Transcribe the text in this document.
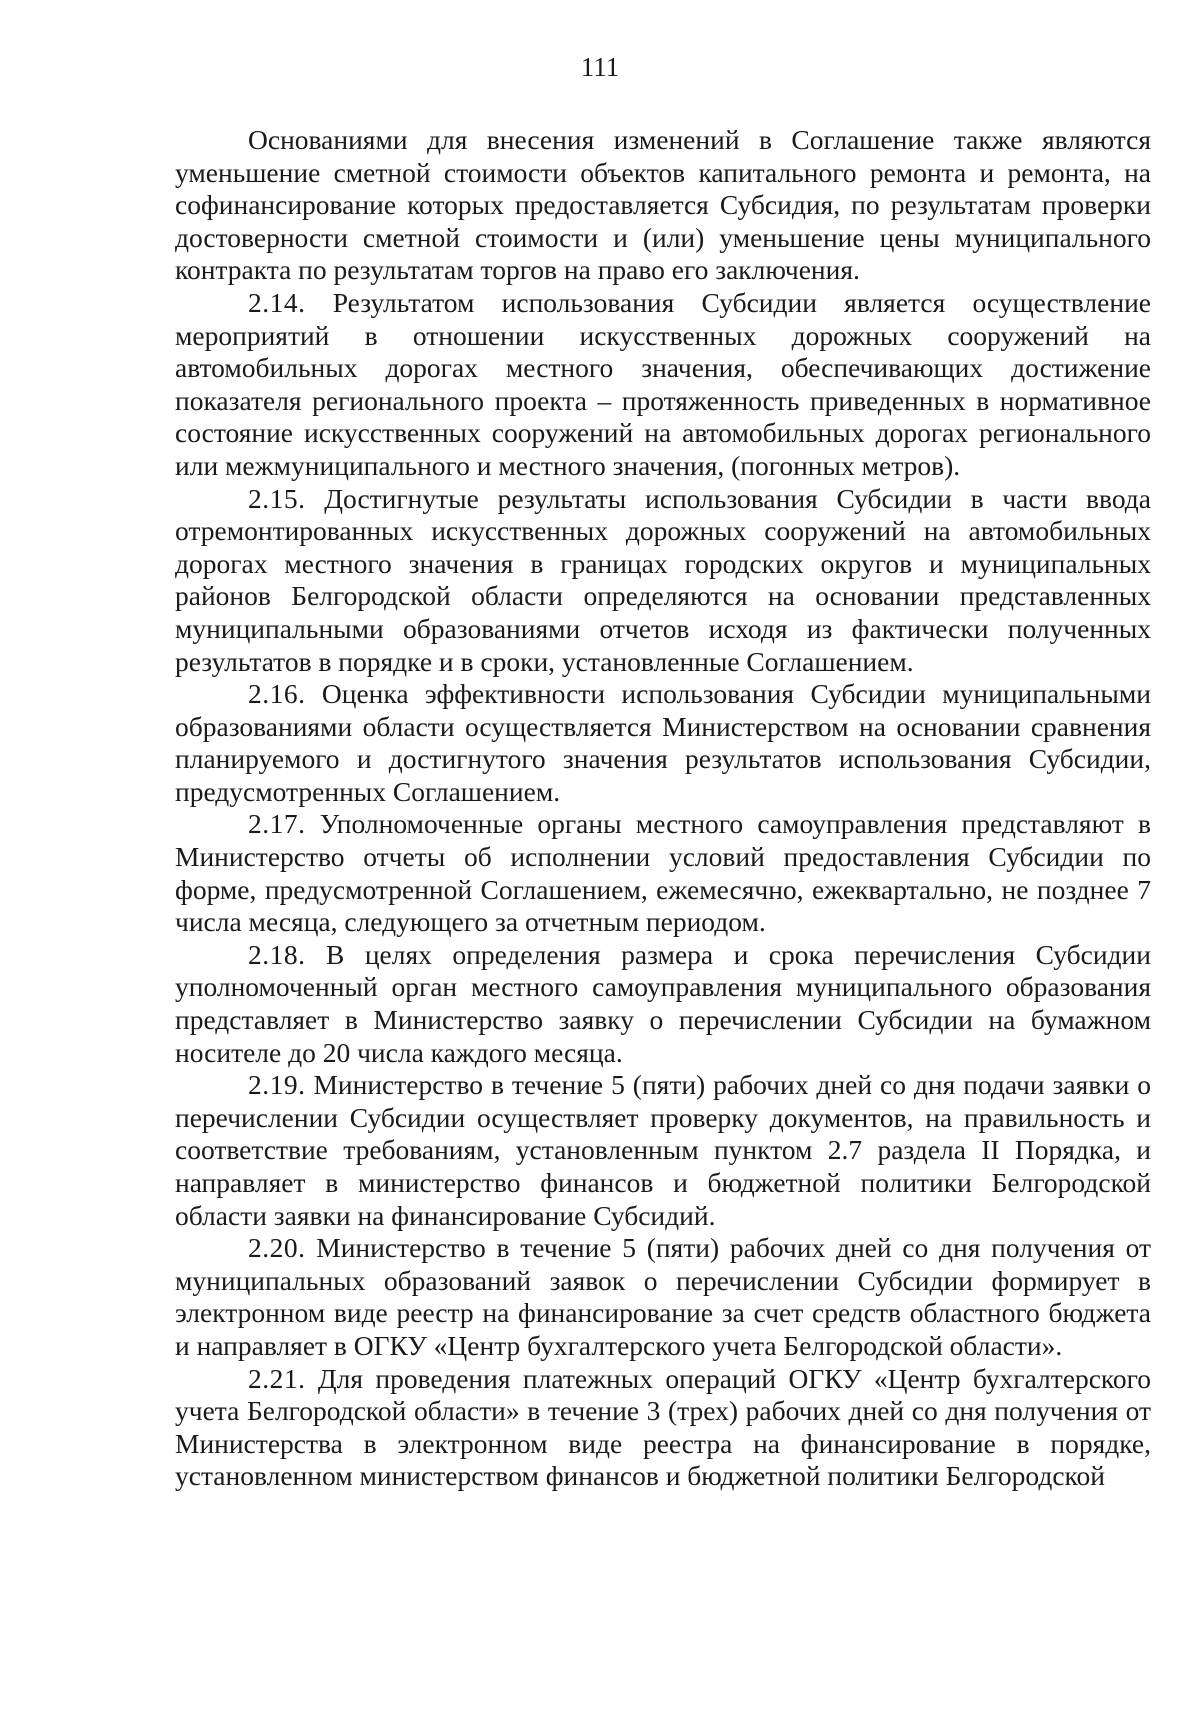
111

Основаниями для внесения изменений в Соглашение также являются уменьшение сметной стоимости объектов капитального ремонта и ремонта, на софинансирование которых предоставляется Субсидия, по результатам проверки достоверности сметной стоимости и (или) уменьшение цены муниципального контракта по результатам торгов на право его заключения.

2.14. Результатом использования Субсидии является осуществление мероприятий в отношении искусственных дорожных сооружений на автомобильных дорогах местного значения, обеспечивающих достижение показателя регионального проекта – протяженность приведенных в нормативное состояние искусственных сооружений на автомобильных дорогах регионального или межмуниципального и местного значения, (погонных метров).

2.15. Достигнутые результаты использования Субсидии в части ввода отремонтированных искусственных дорожных сооружений на автомобильных дорогах местного значения в границах городских округов и муниципальных районов Белгородской области определяются на основании представленных муниципальными образованиями отчетов исходя из фактически полученных результатов в порядке и в сроки, установленные Соглашением.

2.16. Оценка эффективности использования Субсидии муниципальными образованиями области осуществляется Министерством на основании сравнения планируемого и достигнутого значения результатов использования Субсидии, предусмотренных Соглашением.

2.17. Уполномоченные органы местного самоуправления представляют в Министерство отчеты об исполнении условий предоставления Субсидии по форме, предусмотренной Соглашением, ежемесячно, ежеквартально, не позднее 7 числа месяца, следующего за отчетным периодом.

2.18. В целях определения размера и срока перечисления Субсидии уполномоченный орган местного самоуправления муниципального образования представляет в Министерство заявку о перечислении Субсидии на бумажном носителе до 20 числа каждого месяца.

2.19. Министерство в течение 5 (пяти) рабочих дней со дня подачи заявки о перечислении Субсидии осуществляет проверку документов, на правильность и соответствие требованиям, установленным пунктом 2.7 раздела II Порядка, и направляет в министерство финансов и бюджетной политики Белгородской области заявки на финансирование Субсидий.

2.20. Министерство в течение 5 (пяти) рабочих дней со дня получения от муниципальных образований заявок о перечислении Субсидии формирует в электронном виде реестр на финансирование за счет средств областного бюджета и направляет в ОГКУ «Центр бухгалтерского учета Белгородской области».

2.21. Для проведения платежных операций ОГКУ «Центр бухгалтерского учета Белгородской области» в течение 3 (трех) рабочих дней со дня получения от Министерства в электронном виде реестра на финансирование в порядке, установленном министерством финансов и бюджетной политики Белгородской
